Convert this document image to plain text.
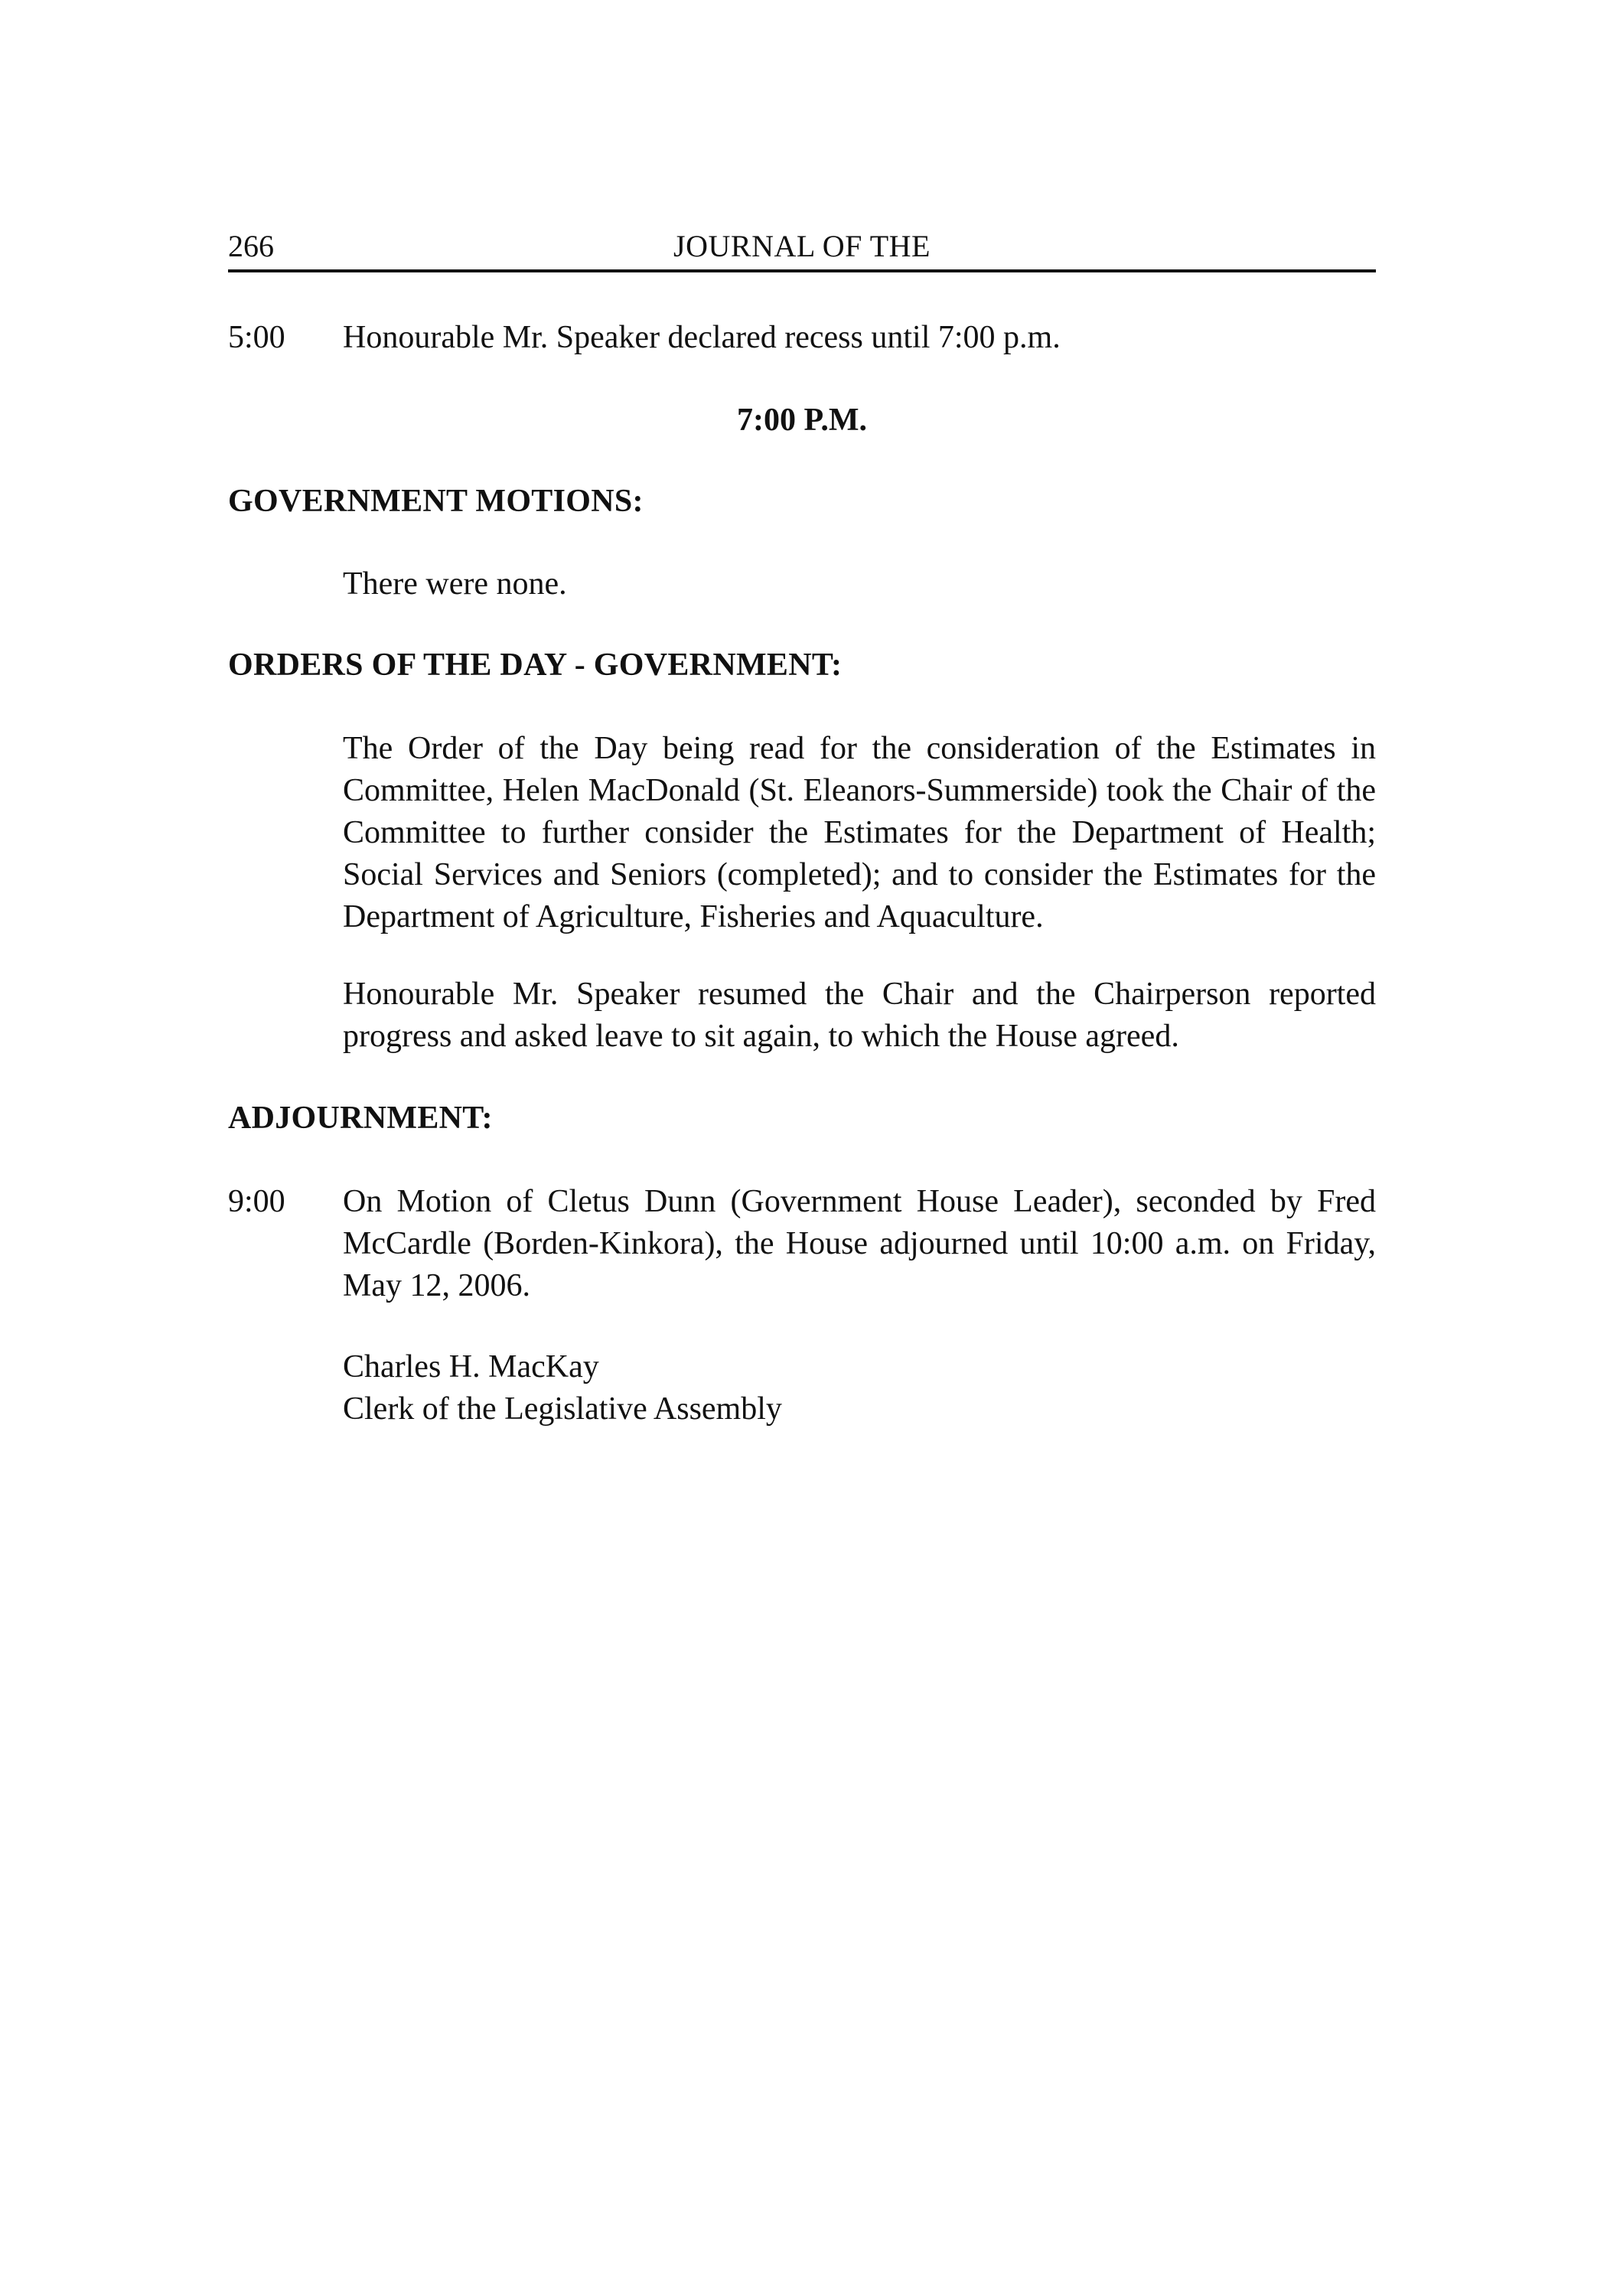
266	JOURNAL OF THE
5:00 Honourable Mr. Speaker declared recess until 7:00 p.m.
7:00 P.M.
GOVERNMENT MOTIONS:
There were none.
ORDERS OF THE DAY - GOVERNMENT:
The Order of the Day being read for the consideration of the Estimates in Committee, Helen MacDonald (St. Eleanors-Summerside) took the Chair of the Committee to further consider the Estimates for the Department of Health; Social Services and Seniors (completed); and to consider the Estimates for the Department of Agriculture, Fisheries and Aquaculture.
Honourable Mr. Speaker resumed the Chair and the Chairperson reported progress and asked leave to sit again, to which the House agreed.
ADJOURNMENT:
9:00 On Motion of Cletus Dunn (Government House Leader), seconded by Fred McCardle (Borden-Kinkora), the House adjourned until 10:00 a.m. on Friday, May 12, 2006.
Charles H. MacKay
Clerk of the Legislative Assembly
